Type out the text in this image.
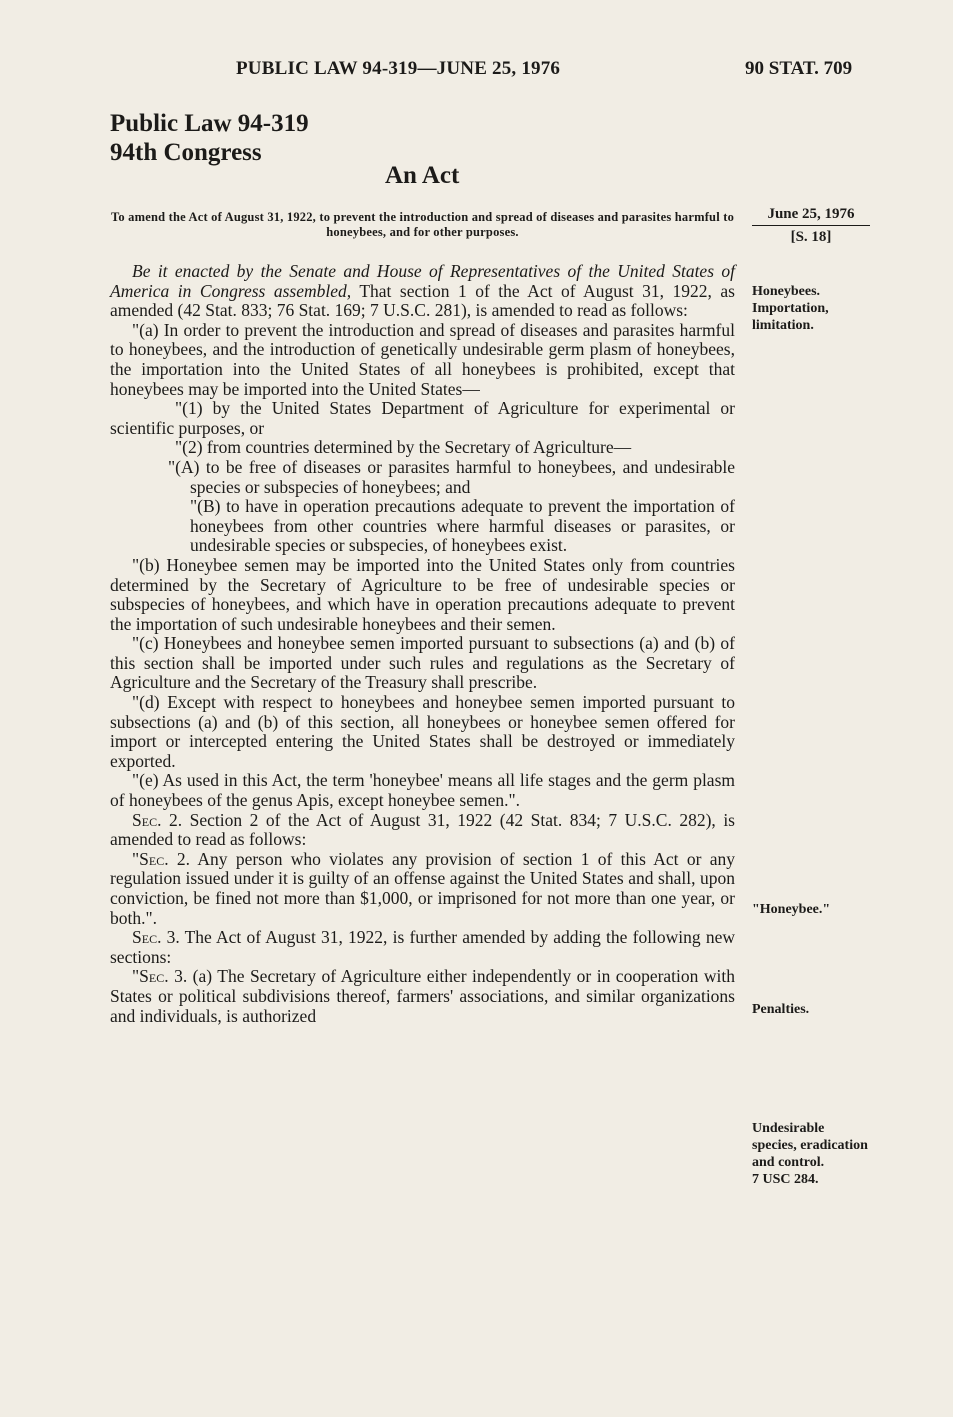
PUBLIC LAW 94-319—JUNE 25, 1976	90 STAT. 709
Public Law 94-319
94th Congress
An Act
To amend the Act of August 31, 1922, to prevent the introduction and spread of diseases and parasites harmful to honeybees, and for other purposes.
June 25, 1976
[S. 18]
Honeybees. Importation, limitation.
"Honeybee."
Penalties.
Undesirable species, eradication and control.
7 USC 284.

Be it enacted by the Senate and House of Representatives of the United States of America in Congress assembled, That section 1 of the Act of August 31, 1922, as amended (42 Stat. 833; 76 Stat. 169; 7 U.S.C. 281), is amended to read as follows:

"(a) In order to prevent the introduction and spread of diseases and parasites harmful to honeybees, and the introduction of genetically undesirable germ plasm of honeybees, the importation into the United States of all honeybees is prohibited, except that honeybees may be imported into the United States—

"(1) by the United States Department of Agriculture for experimental or scientific purposes, or

"(2) from countries determined by the Secretary of Agriculture—

"(A) to be free of diseases or parasites harmful to honeybees, and undesirable species or subspecies of honeybees; and

"(B) to have in operation precautions adequate to prevent the importation of honeybees from other countries where harmful diseases or parasites, or undesirable species or subspecies, of honeybees exist.

"(b) Honeybee semen may be imported into the United States only from countries determined by the Secretary of Agriculture to be free of undesirable species or subspecies of honeybees, and which have in operation precautions adequate to prevent the importation of such undesirable honeybees and their semen.

"(c) Honeybees and honeybee semen imported pursuant to subsections (a) and (b) of this section shall be imported under such rules and regulations as the Secretary of Agriculture and the Secretary of the Treasury shall prescribe.

"(d) Except with respect to honeybees and honeybee semen imported pursuant to subsections (a) and (b) of this section, all honeybees or honeybee semen offered for import or intercepted entering the United States shall be destroyed or immediately exported.

"(e) As used in this Act, the term 'honeybee' means all life stages and the germ plasm of honeybees of the genus Apis, except honeybee semen.".

Sec. 2. Section 2 of the Act of August 31, 1922 (42 Stat. 834; 7 U.S.C. 282), is amended to read as follows:

"Sec. 2. Any person who violates any provision of section 1 of this Act or any regulation issued under it is guilty of an offense against the United States and shall, upon conviction, be fined not more than $1,000, or imprisoned for not more than one year, or both.".

Sec. 3. The Act of August 31, 1922, is further amended by adding the following new sections:

"Sec. 3. (a) The Secretary of Agriculture either independently or in cooperation with States or political subdivisions thereof, farmers' associations, and similar organizations and individuals, is authorized
